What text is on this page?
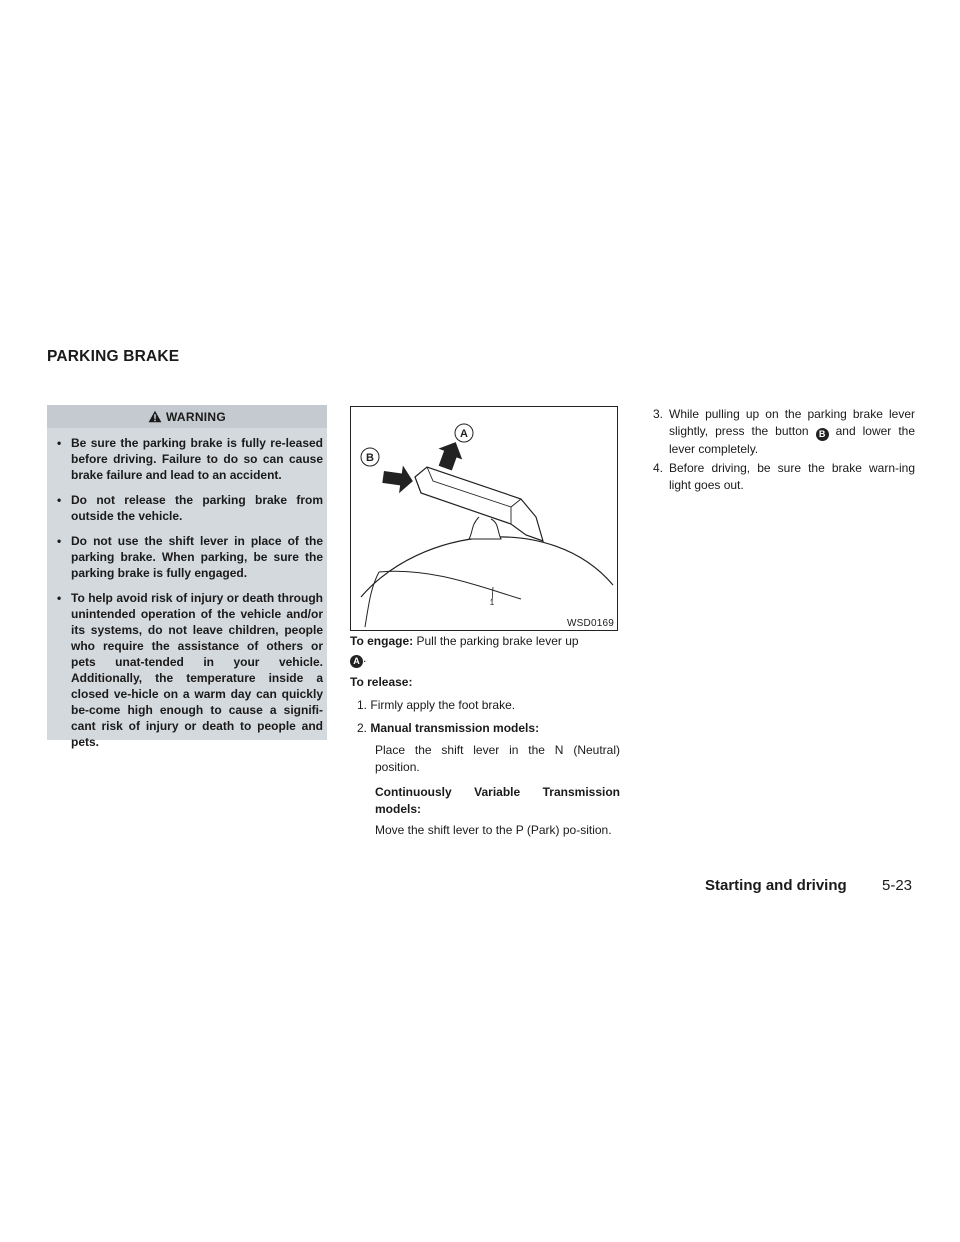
PARKING BRAKE
WARNING
• Be sure the parking brake is fully re-leased before driving. Failure to do so can cause brake failure and lead to an accident.
• Do not release the parking brake from outside the vehicle.
• Do not use the shift lever in place of the parking brake. When parking, be sure the parking brake is fully engaged.
• To help avoid risk of injury or death through unintended operation of the vehicle and/or its systems, do not leave children, people who require the assistance of others or pets unat-tended in your vehicle. Additionally, the temperature inside a closed ve-hicle on a warm day can quickly be-come high enough to cause a signifi-cant risk of injury or death to people and pets.
B
A
1
WSD0169
To engage: Pull the parking brake lever up
A .
To release:
1. Firmly apply the foot brake.
2. Manual transmission models:
Place the shift lever in the N (Neutral) position.
Continuously Variable Transmission models:
Move the shift lever to the P (Park) po-sition.
3. While pulling up on the parking brake lever slightly, press the button B and lower the lever completely.
4. Before driving, be sure the brake warn-ing light goes out.
Starting and driving 5-23
